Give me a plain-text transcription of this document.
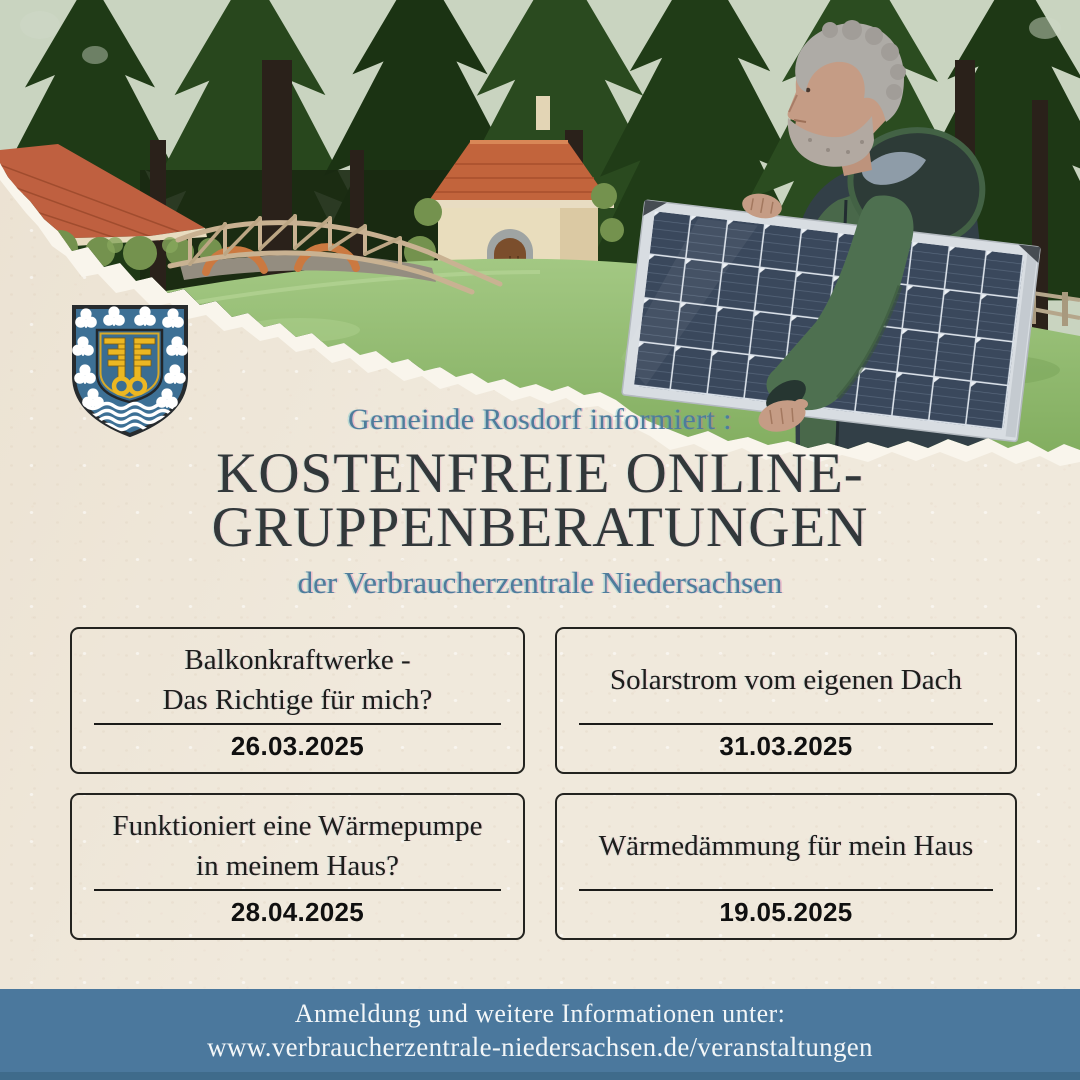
Gemeinde Rosdorf informiert :
KOSTENFREIE ONLINE-
GRUPPENBERATUNGEN
der Verbraucherzentrale Niedersachsen
Balkonkraftwerke -
Das Richtige für mich?
26.03.2025
Solarstrom vom eigenen Dach
31.03.2025
Funktioniert eine Wärmepumpe
in meinem Haus?
28.04.2025
Wärmedämmung für mein Haus
19.05.2025
Anmeldung und weitere Informationen unter:
www.verbraucherzentrale-niedersachsen.de/veranstaltungen
